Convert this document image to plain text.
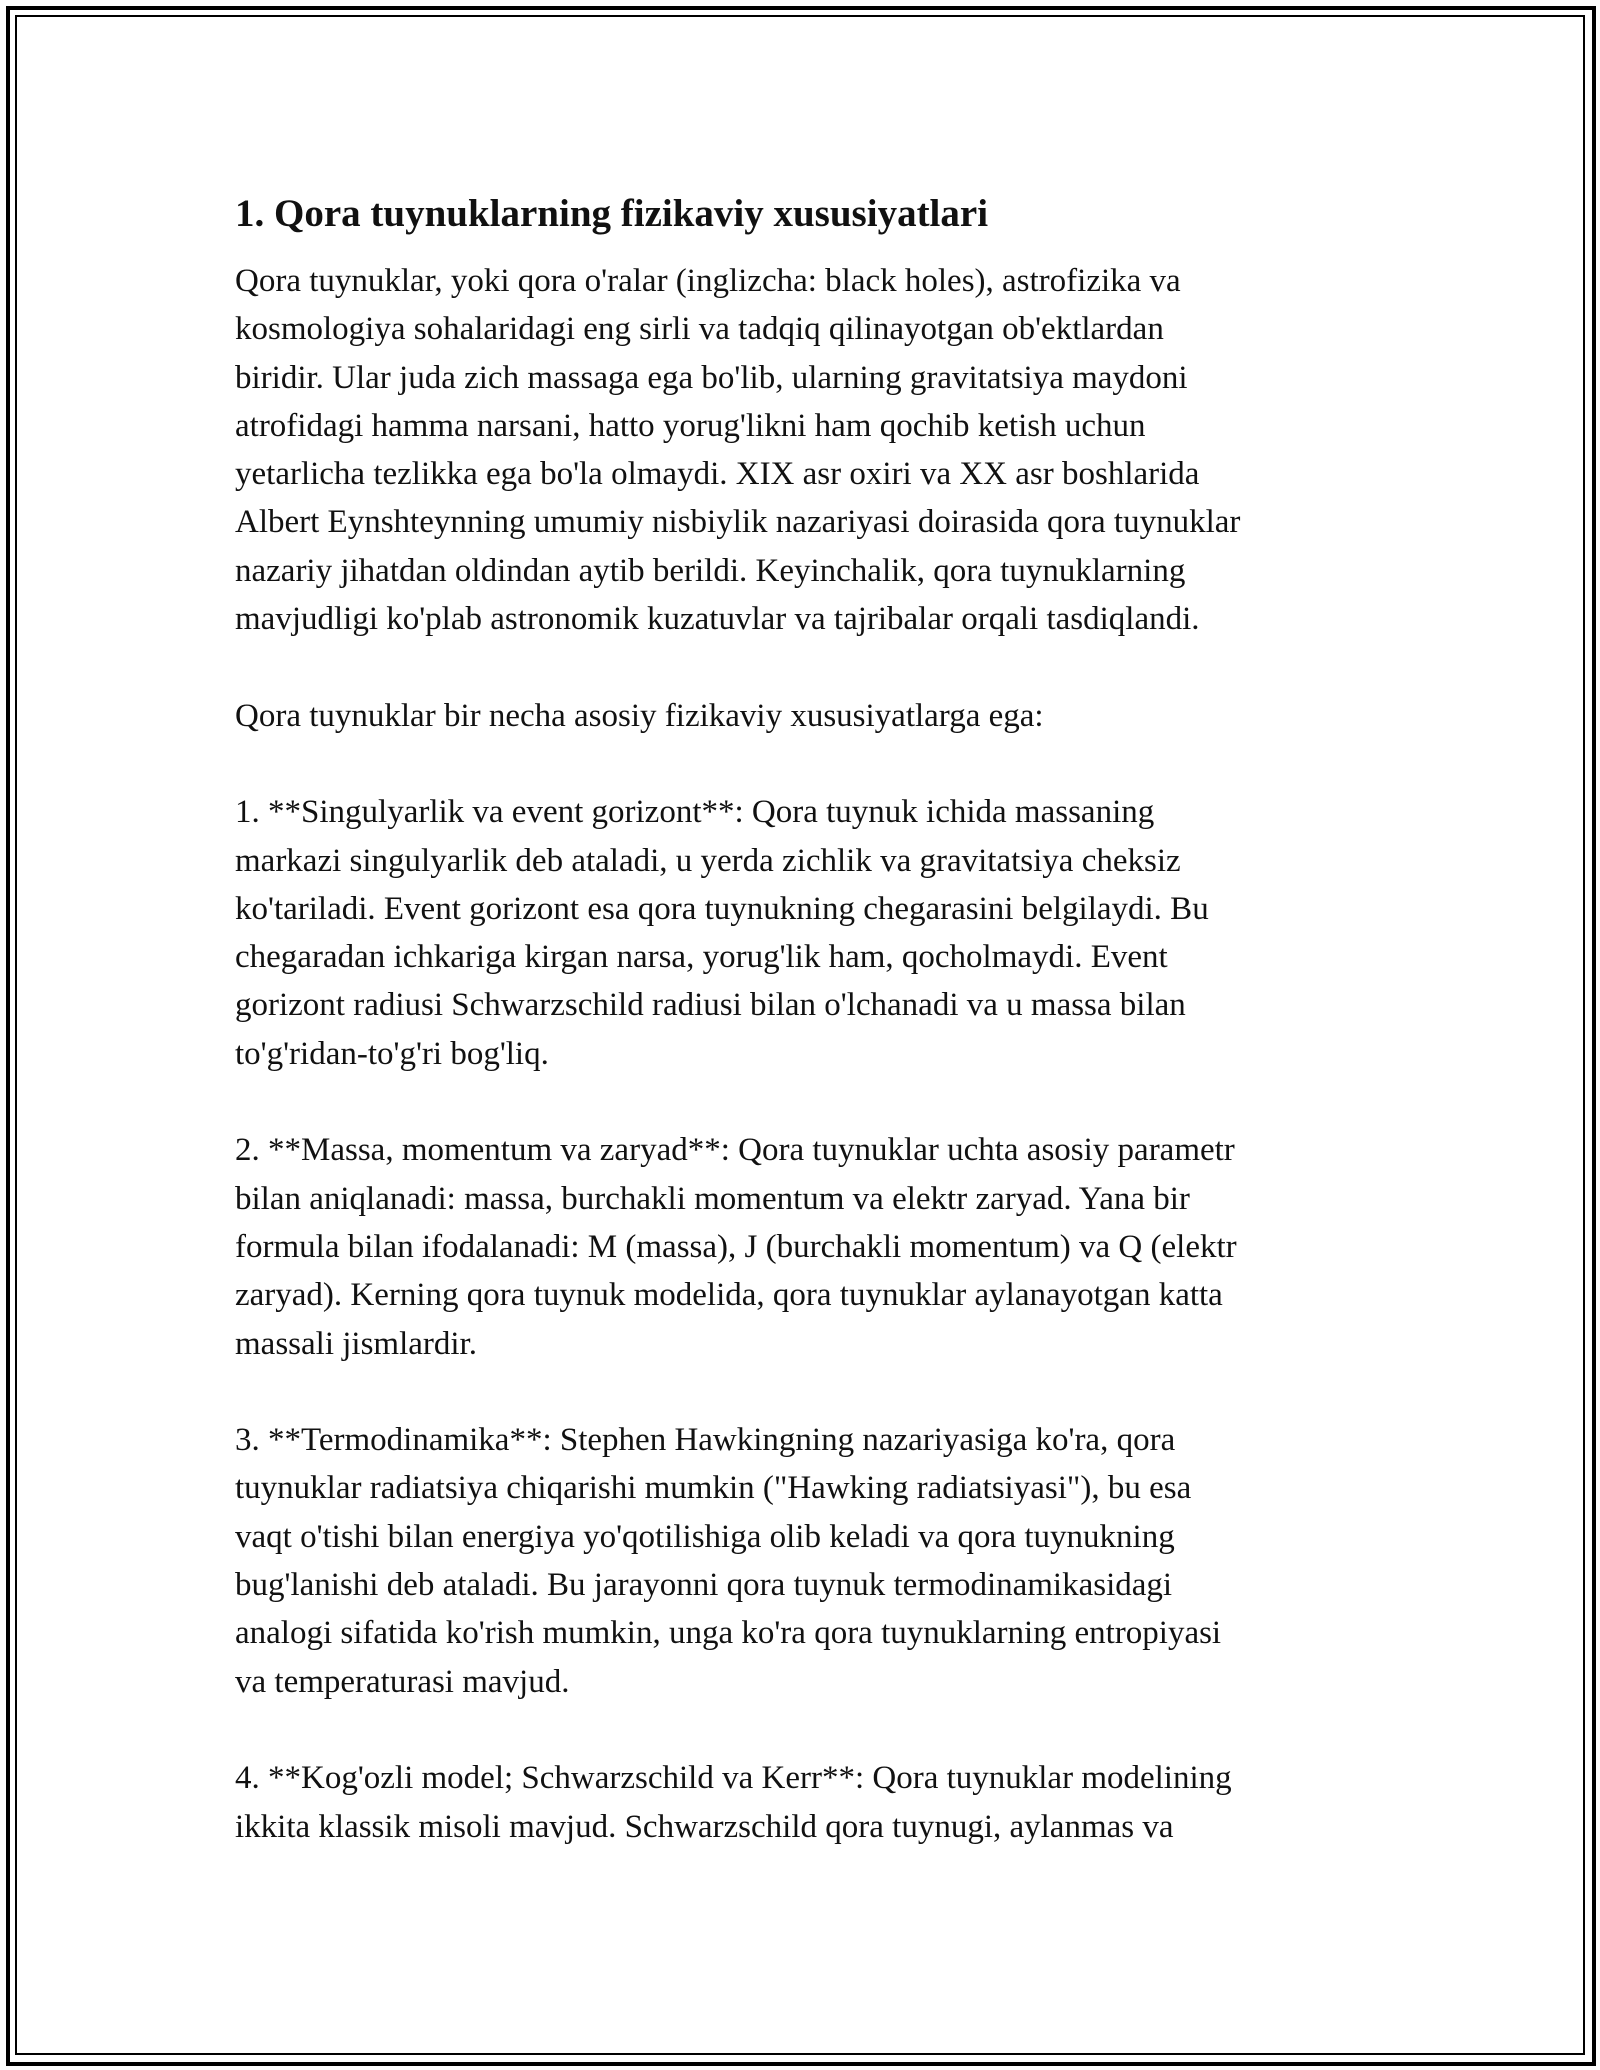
1. Qora tuynuklarning fizikaviy xususiyatlari

Qora tuynuklar, yoki qora o'ralar (inglizcha: black holes), astrofizika va
kosmologiya sohalaridagi eng sirli va tadqiq qilinayotgan ob'ektlardan
biridir. Ular juda zich massaga ega bo'lib, ularning gravitatsiya maydoni
atrofidagi hamma narsani, hatto yorug'likni ham qochib ketish uchun
yetarlicha tezlikka ega bo'la olmaydi. XIX asr oxiri va XX asr boshlarida
Albert Eynshteynning umumiy nisbiylik nazariyasi doirasida qora tuynuklar
nazariy jihatdan oldindan aytib berildi. Keyinchalik, qora tuynuklarning
mavjudligi ko'plab astronomik kuzatuvlar va tajribalar orqali tasdiqlandi.

Qora tuynuklar bir necha asosiy fizikaviy xususiyatlarga ega:

1. **Singulyarlik va event gorizont**: Qora tuynuk ichida massaning
markazi singulyarlik deb ataladi, u yerda zichlik va gravitatsiya cheksiz
ko'tariladi. Event gorizont esa qora tuynukning chegarasini belgilaydi. Bu
chegaradan ichkariga kirgan narsa, yorug'lik ham, qocholmaydi. Event
gorizont radiusi Schwarzschild radiusi bilan o'lchanadi va u massa bilan
to'g'ridan-to'g'ri bog'liq.

2. **Massa, momentum va zaryad**: Qora tuynuklar uchta asosiy parametr
bilan aniqlanadi: massa, burchakli momentum va elektr zaryad. Yana bir
formula bilan ifodalanadi: M (massa), J (burchakli momentum) va Q (elektr
zaryad). Kerning qora tuynuk modelida, qora tuynuklar aylanayotgan katta
massali jismlardir.

3. **Termodinamika**: Stephen Hawkingning nazariyasiga ko'ra, qora
tuynuklar radiatsiya chiqarishi mumkin ("Hawking radiatsiyasi"), bu esa
vaqt o'tishi bilan energiya yo'qotilishiga olib keladi va qora tuynukning
bug'lanishi deb ataladi. Bu jarayonni qora tuynuk termodinamikasidagi
analogi sifatida ko'rish mumkin, unga ko'ra qora tuynuklarning entropiyasi
va temperaturasi mavjud.

4. **Kog'ozli model; Schwarzschild va Kerr**: Qora tuynuklar modelining
ikkita klassik misoli mavjud. Schwarzschild qora tuynugi, aylanmas va
